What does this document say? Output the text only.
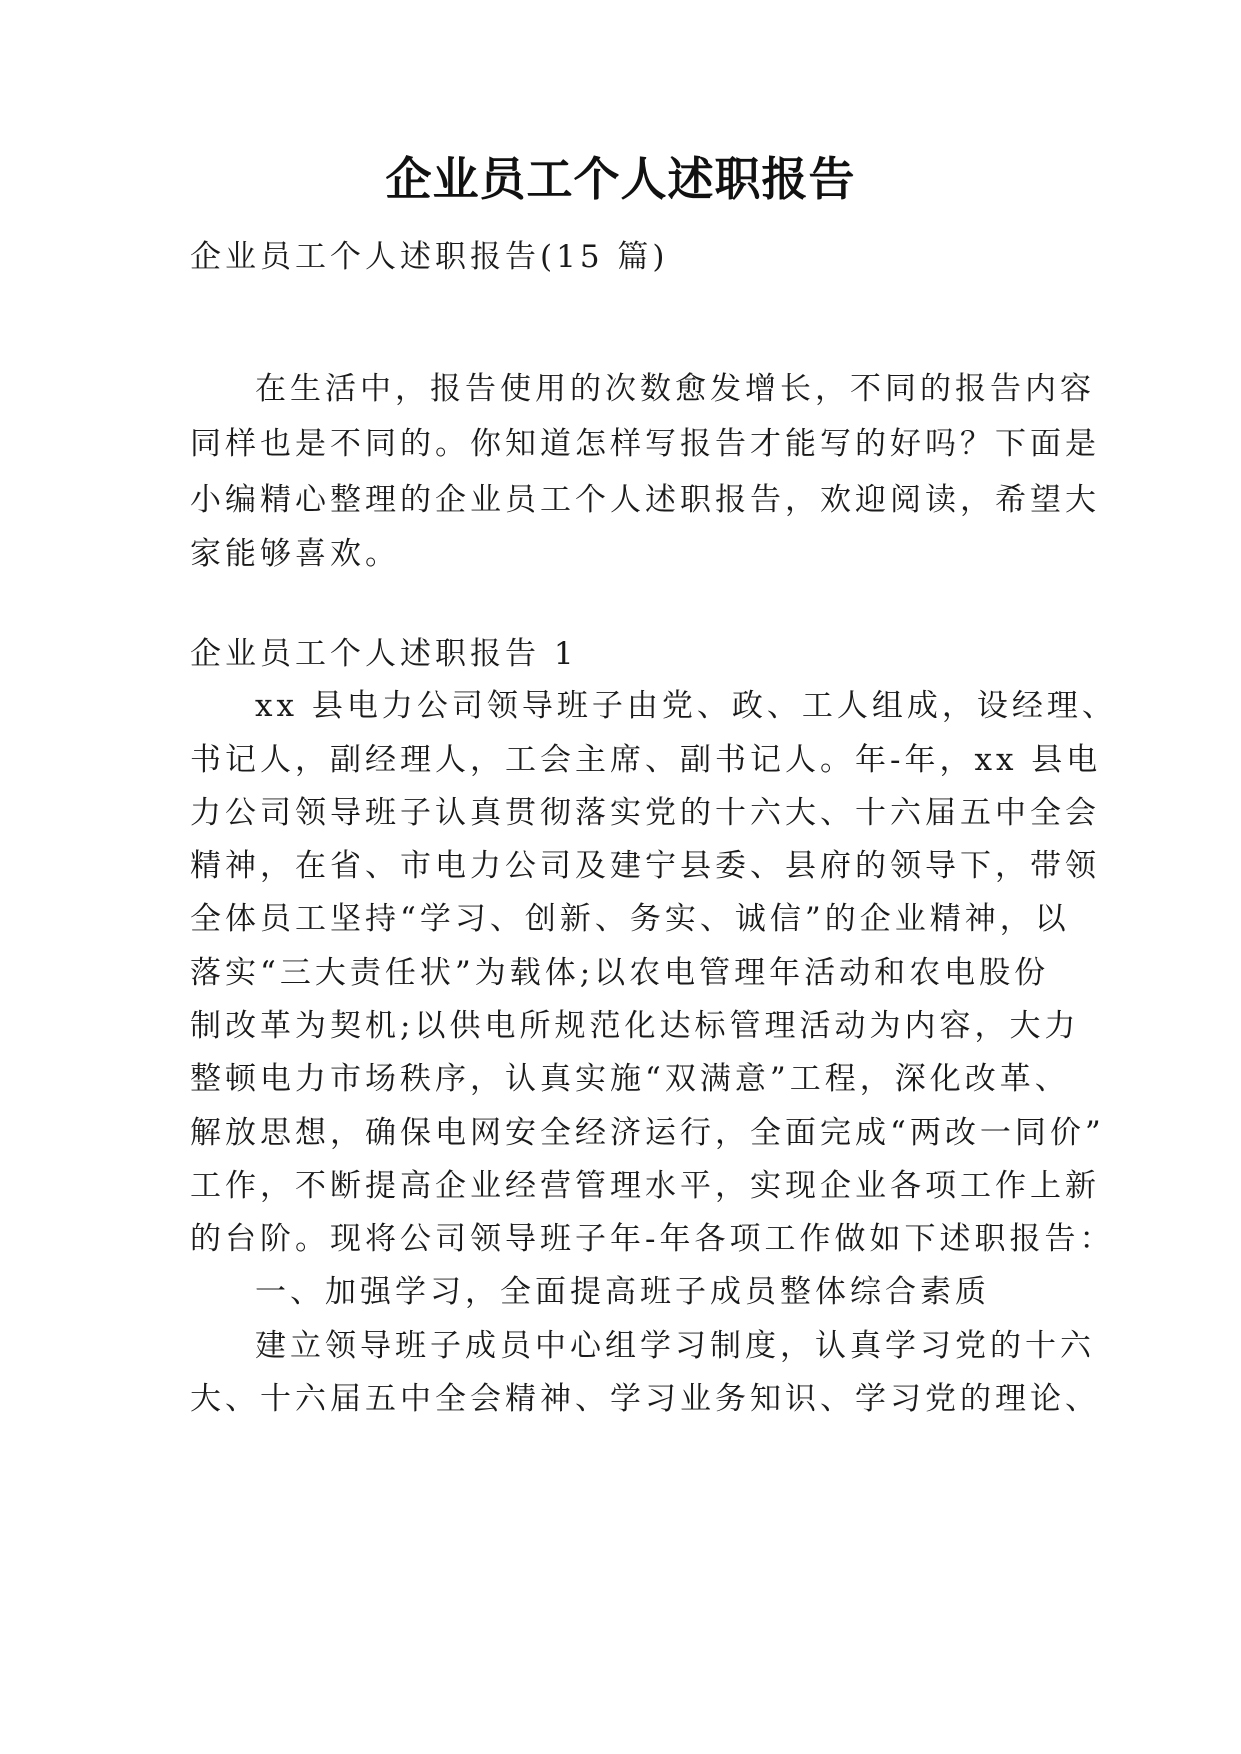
企业员工个人述职报告
企业员工个人述职报告(15 篇)
在生活中，报告使用的次数愈发增长，不同的报告内容
同样也是不同的。你知道怎样写报告才能写的好吗？下面是
小编精心整理的企业员工个人述职报告，欢迎阅读，希望大
家能够喜欢。
企业员工个人述职报告 1
xx 县电力公司领导班子由党、政、工人组成，设经理、
书记人，副经理人，工会主席、副书记人。年-年，xx 县电
力公司领导班子认真贯彻落实党的十六大、十六届五中全会
精神，在省、市电力公司及建宁县委、县府的领导下，带领
全体员工坚持“学习、创新、务实、诚信”的企业精神，以
落实“三大责任状”为载体;以农电管理年活动和农电股份
制改革为契机;以供电所规范化达标管理活动为内容，大力
整顿电力市场秩序，认真实施“双满意”工程，深化改革、
解放思想，确保电网安全经济运行，全面完成“两改一同价”
工作，不断提高企业经营管理水平，实现企业各项工作上新
的台阶。现将公司领导班子年-年各项工作做如下述职报告：
一、加强学习，全面提高班子成员整体综合素质
建立领导班子成员中心组学习制度，认真学习党的十六
大、十六届五中全会精神、学习业务知识、学习党的理论、
